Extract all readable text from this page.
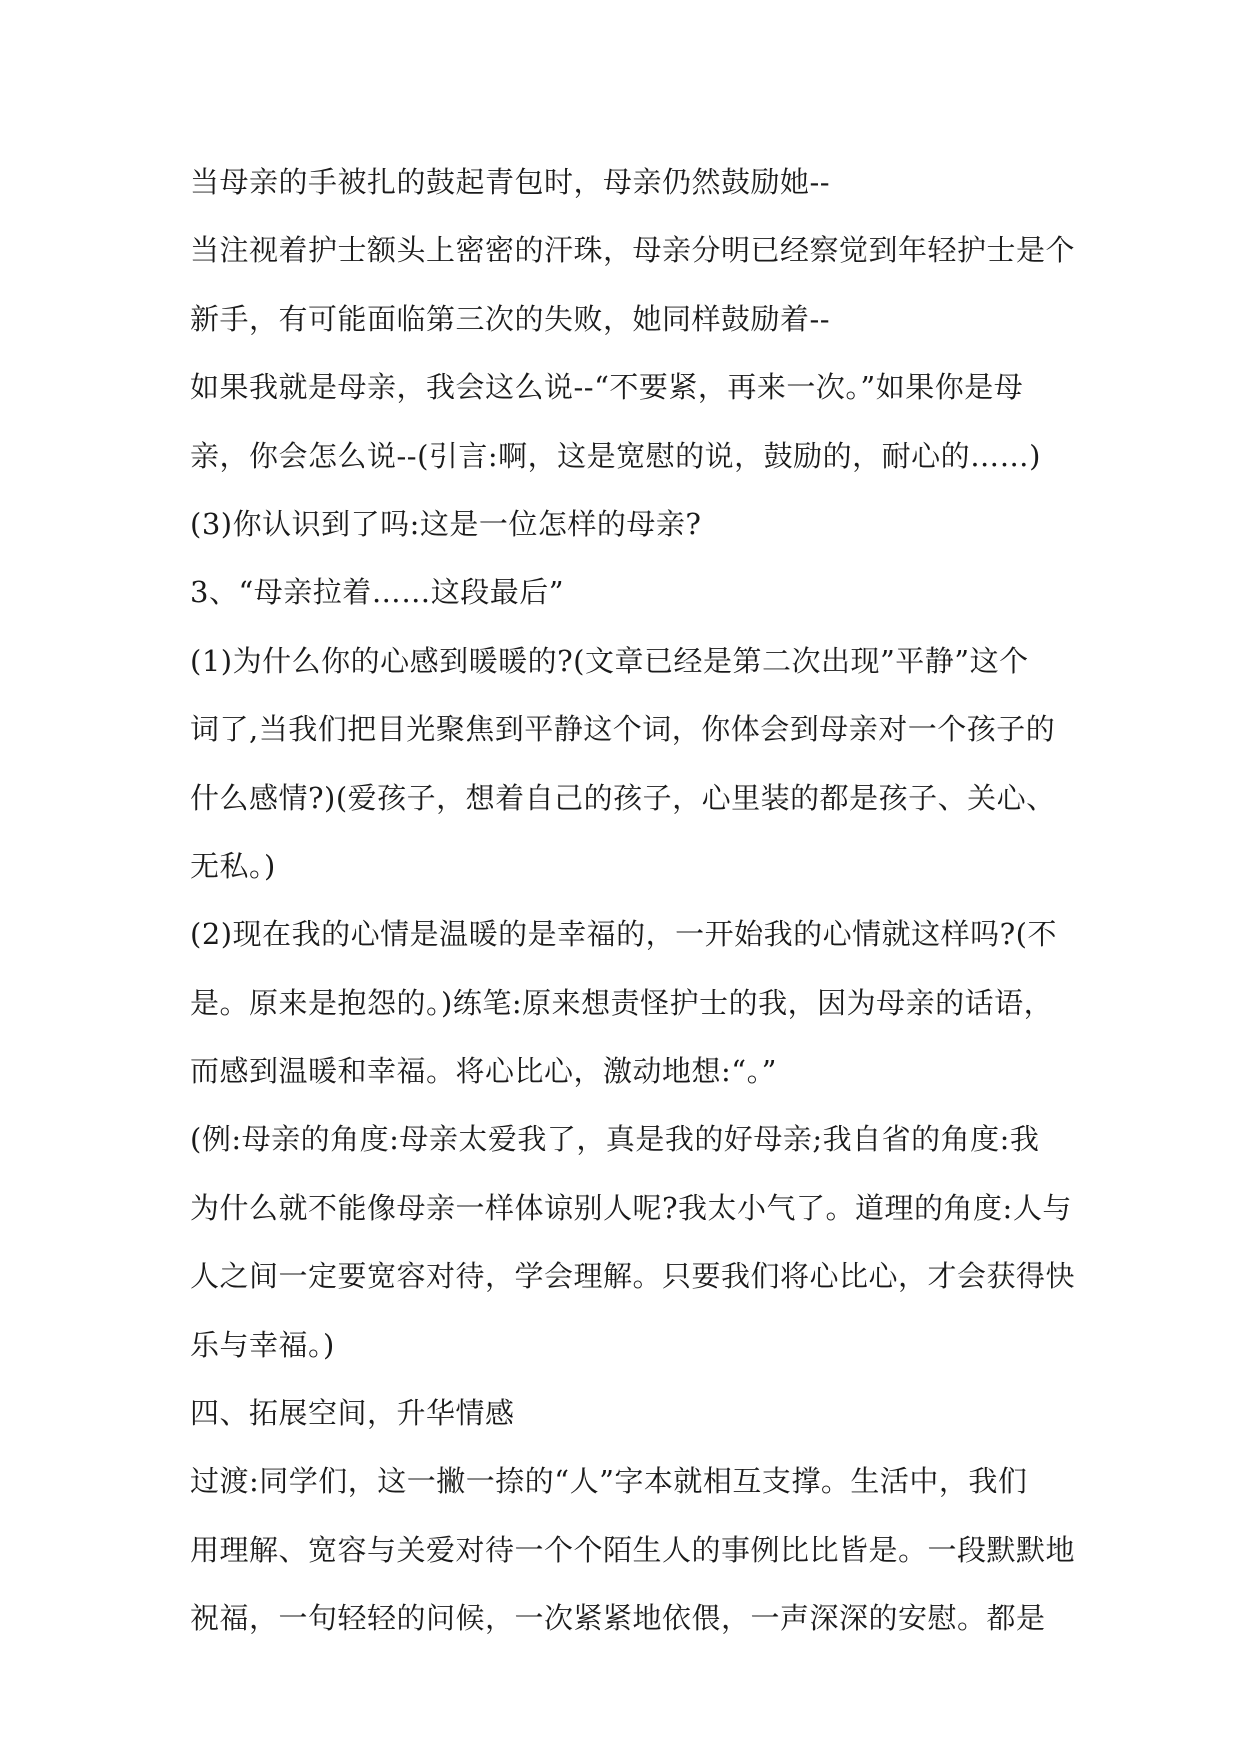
当母亲的手被扎的鼓起青包时，母亲仍然鼓励她--
当注视着护士额头上密密的汗珠，母亲分明已经察觉到年轻护士是个
新手，有可能面临第三次的失败，她同样鼓励着--
如果我就是母亲，我会这么说--“不要紧，再来一次。”如果你是母
亲，你会怎么说--(引言:啊，这是宽慰的说，鼓励的，耐心的……)
(3)你认识到了吗:这是一位怎样的母亲?
3、“母亲拉着……这段最后”
(1)为什么你的心感到暖暖的?(文章已经是第二次出现”平静”这个
词了,当我们把目光聚焦到平静这个词，你体会到母亲对一个孩子的
什么感情?)(爱孩子，想着自己的孩子，心里装的都是孩子、关心、
无私。)
(2)现在我的心情是温暖的是幸福的，一开始我的心情就这样吗?(不
是。原来是抱怨的。)练笔:原来想责怪护士的我，因为母亲的话语，
而感到温暖和幸福。将心比心，激动地想:“。”
(例:母亲的角度:母亲太爱我了，真是我的好母亲;我自省的角度:我
为什么就不能像母亲一样体谅别人呢?我太小气了。道理的角度:人与
人之间一定要宽容对待，学会理解。只要我们将心比心，才会获得快
乐与幸福。)
四、拓展空间，升华情感
过渡:同学们，这一撇一捺的“人”字本就相互支撑。生活中，我们
用理解、宽容与关爱对待一个个陌生人的事例比比皆是。一段默默地
祝福，一句轻轻的问候，一次紧紧地依偎，一声深深的安慰。都是
